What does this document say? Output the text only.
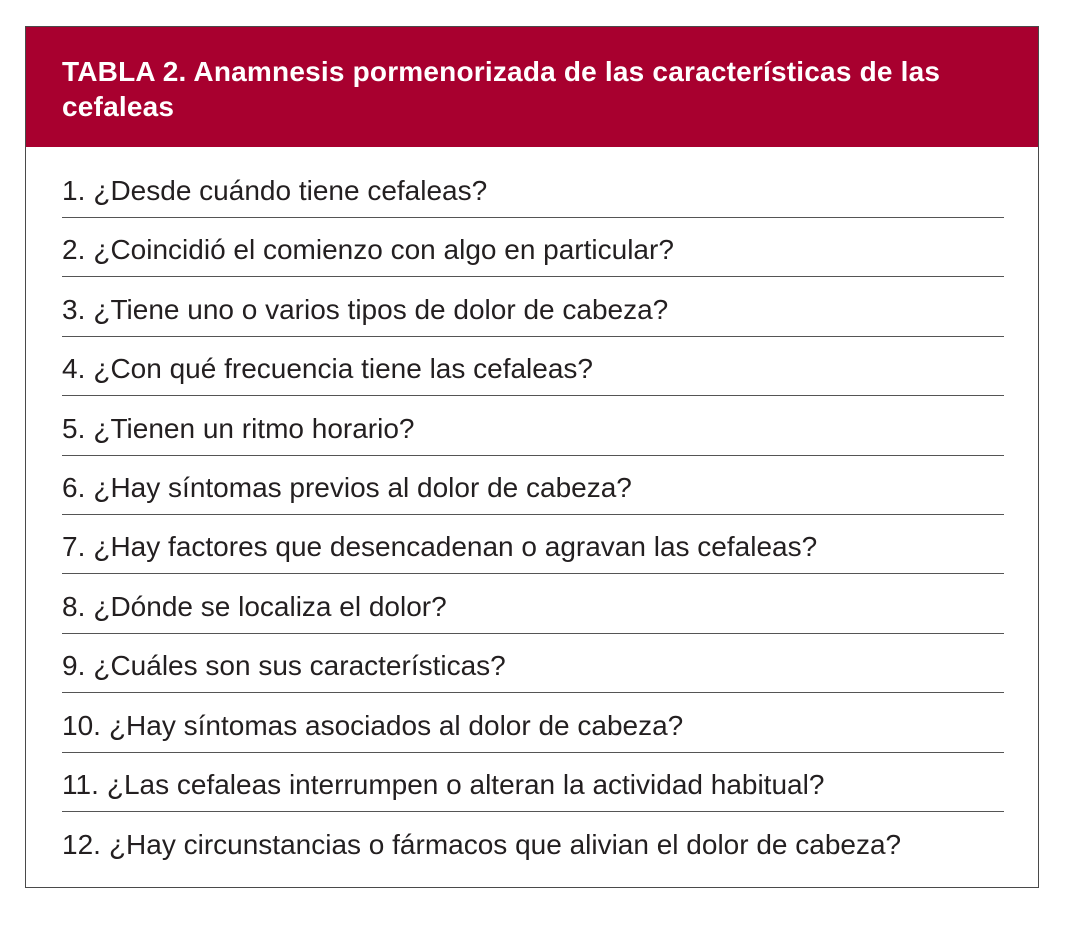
TABLA 2. Anamnesis pormenorizada de las características de las cefaleas
1. ¿Desde cuándo tiene cefaleas?
2. ¿Coincidió el comienzo con algo en particular?
3. ¿Tiene uno o varios tipos de dolor de cabeza?
4. ¿Con qué frecuencia tiene las cefaleas?
5. ¿Tienen un ritmo horario?
6. ¿Hay síntomas previos al dolor de cabeza?
7. ¿Hay factores que desencadenan o agravan las cefaleas?
8. ¿Dónde se localiza el dolor?
9. ¿Cuáles son sus características?
10. ¿Hay síntomas asociados al dolor de cabeza?
11. ¿Las cefaleas interrumpen o alteran la actividad habitual?
12. ¿Hay circunstancias o fármacos que alivian el dolor de cabeza?
